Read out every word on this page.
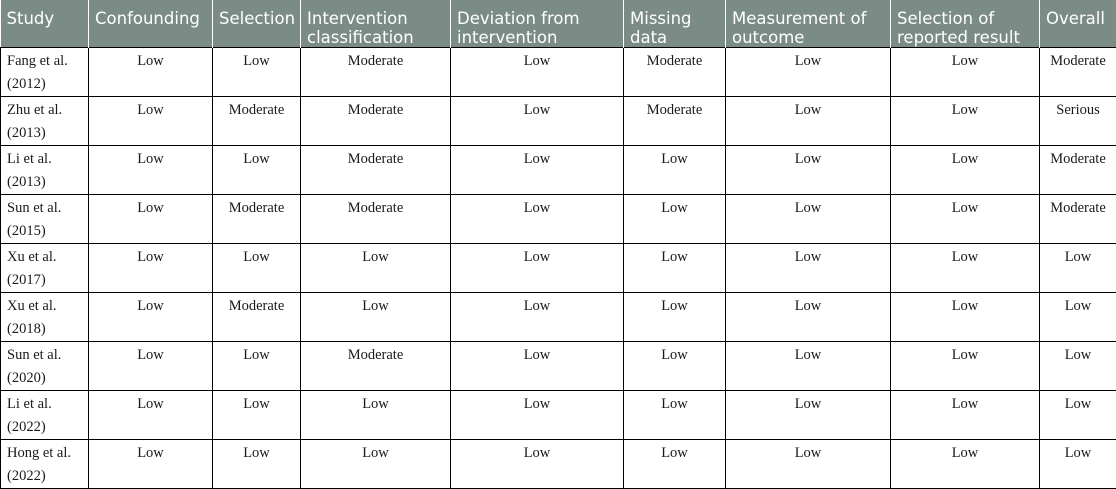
Study	Confounding	Selection	Intervention classification	Deviation from intervention	Missing data	Measurement of outcome	Selection of reported result	Overall
Fang et al. (2012)	Low	Low	Moderate	Low	Moderate	Low	Low	Moderate
Zhu et al. (2013)	Low	Moderate	Moderate	Low	Moderate	Low	Low	Serious
Li et al. (2013)	Low	Low	Moderate	Low	Low	Low	Low	Moderate
Sun et al. (2015)	Low	Moderate	Moderate	Low	Low	Low	Low	Moderate
Xu et al. (2017)	Low	Low	Low	Low	Low	Low	Low	Low
Xu et al. (2018)	Low	Moderate	Low	Low	Low	Low	Low	Low
Sun et al. (2020)	Low	Low	Moderate	Low	Low	Low	Low	Low
Li et al. (2022)	Low	Low	Low	Low	Low	Low	Low	Low
Hong et al. (2022)	Low	Low	Low	Low	Low	Low	Low	Low
